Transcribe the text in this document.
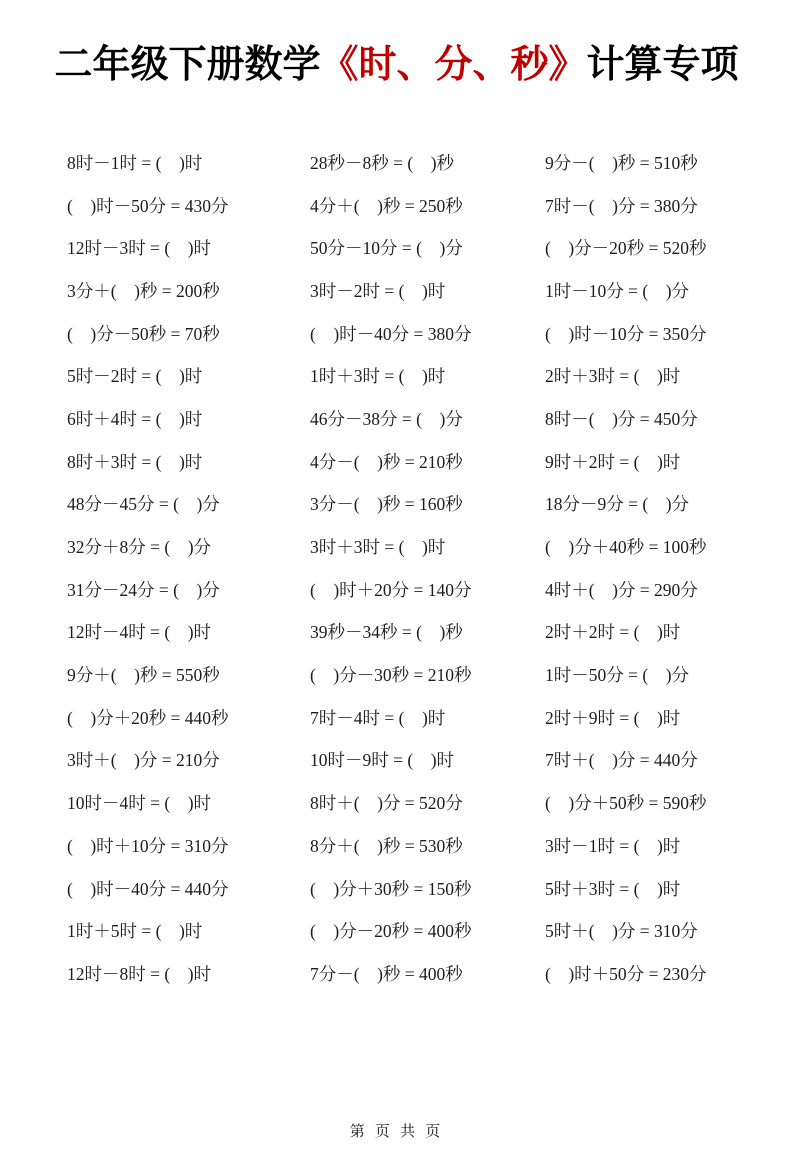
二年级下册数学《时、分、秒》计算专项
8时－1时 = (　)时
(　)时－50分 = 430分
12时－3时 = (　)时
3分＋(　)秒 = 200秒
(　)分－50秒 = 70秒
5时－2时 = (　)时
6时＋4时 = (　)时
8时＋3时 = (　)时
48分－45分 = (　)分
32分＋8分 = (　)分
31分－24分 = (　)分
12时－4时 = (　)时
9分＋(　)秒 = 550秒
(　)分＋20秒 = 440秒
3时＋(　)分 = 210分
10时－4时 = (　)时
(　)时＋10分 = 310分
(　)时－40分 = 440分
1时＋5时 = (　)时
12时－8时 = (　)时
28秒－8秒 = (　)秒
4分＋(　)秒 = 250秒
50分－10分 = (　)分
3时－2时 = (　)时
(　)时－40分 = 380分
1时＋3时 = (　)时
46分－38分 = (　)分
4分－(　)秒 = 210秒
3分－(　)秒 = 160秒
3时＋3时 = (　)时
(　)时＋20分 = 140分
39秒－34秒 = (　)秒
(　)分－30秒 = 210秒
7时－4时 = (　)时
10时－9时 = (　)时
8时＋(　)分 = 520分
8分＋(　)秒 = 530秒
(　)分＋30秒 = 150秒
(　)分－20秒 = 400秒
7分－(　)秒 = 400秒
9分－(　)秒 = 510秒
7时－(　)分 = 380分
(　)分－20秒 = 520秒
1时－10分 = (　)分
(　)时－10分 = 350分
2时＋3时 = (　)时
8时－(　)分 = 450分
9时＋2时 = (　)时
18分－9分 = (　)分
(　)分＋40秒 = 100秒
4时＋(　)分 = 290分
2时＋2时 = (　)时
1时－50分 = (　)分
2时＋9时 = (　)时
7时＋(　)分 = 440分
(　)分＋50秒 = 590秒
3时－1时 = (　)时
5时＋3时 = (　)时
5时＋(　)分 = 310分
(　)时＋50分 = 230分
第 页 共 页
